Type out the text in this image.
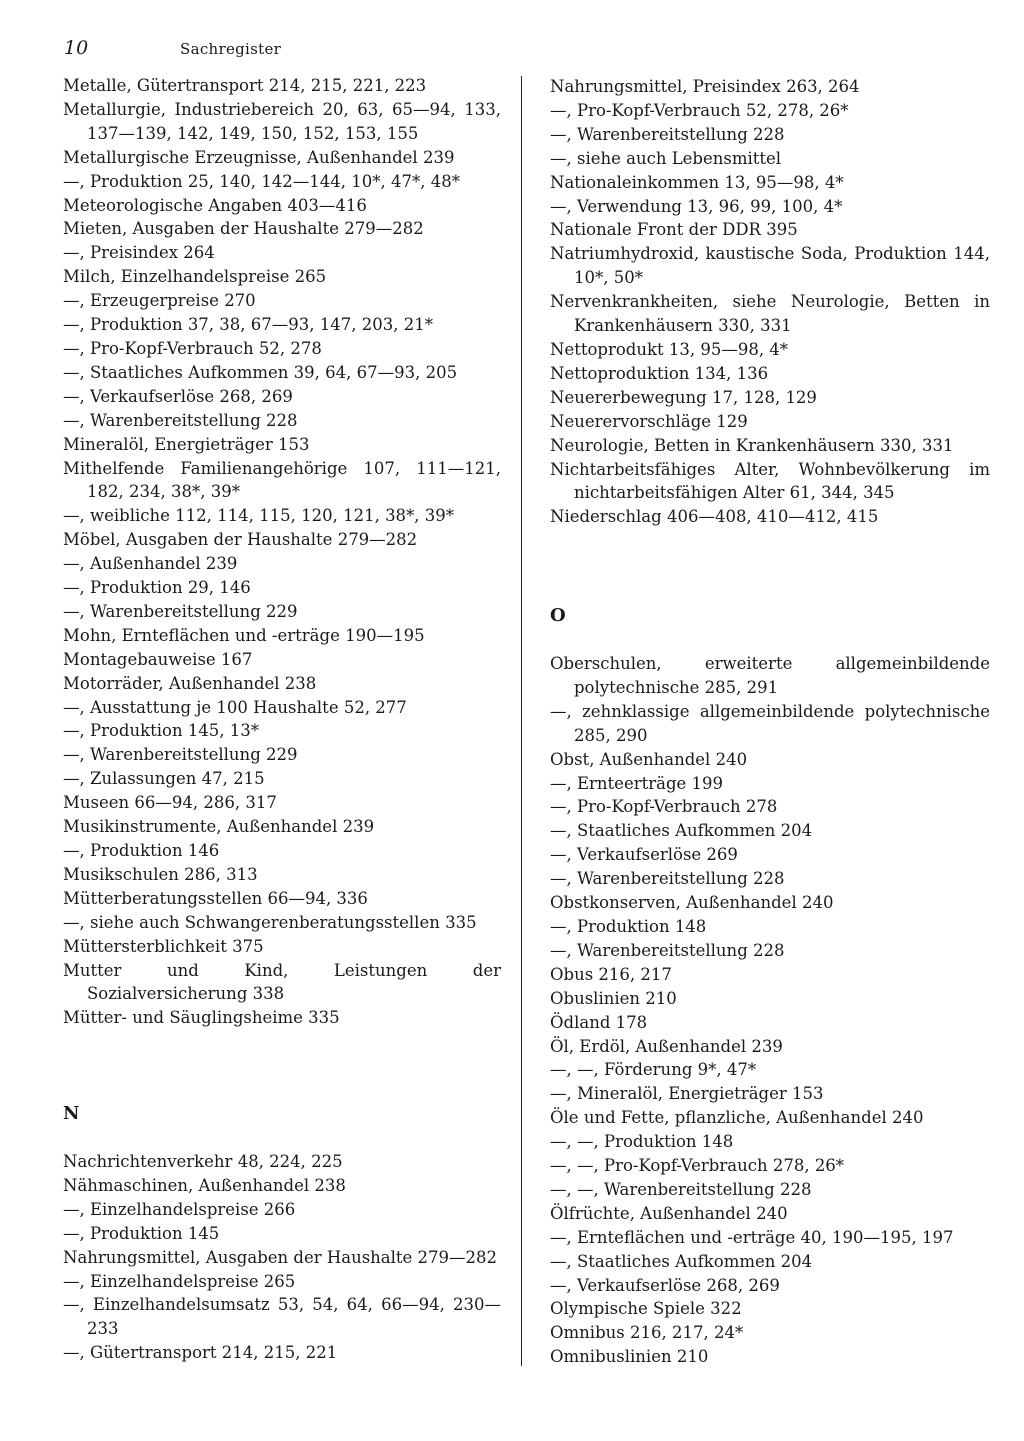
10	Sachregister
Metalle, Gütertransport 214, 215, 221, 223
Metallurgie, Industriebereich 20, 63, 65—94, 133, 137—139, 142, 149, 150, 152, 153, 155
Metallurgische Erzeugnisse, Außenhandel 239
—, Produktion 25, 140, 142—144, 10*, 47*, 48*
Meteorologische Angaben 403—416
Mieten, Ausgaben der Haushalte 279—282
—, Preisindex 264
Milch, Einzelhandelspreise 265
—, Erzeugerpreise 270
—, Produktion 37, 38, 67—93, 147, 203, 21*
—, Pro-Kopf-Verbrauch 52, 278
—, Staatliches Aufkommen 39, 64, 67—93, 205
—, Verkaufserlöse 268, 269
—, Warenbereitstellung 228
Mineralöl, Energieträger 153
Mithelfende Familienangehörige 107, 111—121, 182, 234, 38*, 39*
—, weibliche 112, 114, 115, 120, 121, 38*, 39*
Möbel, Ausgaben der Haushalte 279—282
—, Außenhandel 239
—, Produktion 29, 146
—, Warenbereitstellung 229
Mohn, Ernteflächen und -erträge 190—195
Montagebauweise 167
Motorräder, Außenhandel 238
—, Ausstattung je 100 Haushalte 52, 277
—, Produktion 145, 13*
—, Warenbereitstellung 229
—, Zulassungen 47, 215
Museen 66—94, 286, 317
Musikinstrumente, Außenhandel 239
—, Produktion 146
Musikschulen 286, 313
Mütterberatungsstellen 66—94, 336
—, siehe auch Schwangerenberatungsstellen 335
Müttersterblichkeit 375
Mutter und Kind, Leistungen der Sozialversicherung 338
Mütter- und Säuglingsheime 335
N
Nachrichtenverkehr 48, 224, 225
Nähmaschinen, Außenhandel 238
—, Einzelhandelspreise 266
—, Produktion 145
Nahrungsmittel, Ausgaben der Haushalte 279—282
—, Einzelhandelspreise 265
—, Einzelhandelsumsatz 53, 54, 64, 66—94, 230—233
—, Gütertransport 214, 215, 221
Nahrungsmittel, Preisindex 263, 264
—, Pro-Kopf-Verbrauch 52, 278, 26*
—, Warenbereitstellung 228
—, siehe auch Lebensmittel
Nationaleinkommen 13, 95—98, 4*
—, Verwendung 13, 96, 99, 100, 4*
Nationale Front der DDR 395
Natriumhydroxid, kaustische Soda, Produktion 144, 10*, 50*
Nervenkrankheiten, siehe Neurologie, Betten in Krankenhäusern 330, 331
Nettoprodukt 13, 95—98, 4*
Nettoproduktion 134, 136
Neuererbewegung 17, 128, 129
Neuerervorschläge 129
Neurologie, Betten in Krankenhäusern 330, 331
Nichtarbeitsfähiges Alter, Wohnbevölkerung im nichtarbeitsfähigen Alter 61, 344, 345
Niederschlag 406—408, 410—412, 415
O
Oberschulen, erweiterte allgemeinbildende polytechnische 285, 291
—, zehnklassige allgemeinbildende polytechnische 285, 290
Obst, Außenhandel 240
—, Ernteerträge 199
—, Pro-Kopf-Verbrauch 278
—, Staatliches Aufkommen 204
—, Verkaufserlöse 269
—, Warenbereitstellung 228
Obstkonserven, Außenhandel 240
—, Produktion 148
—, Warenbereitstellung 228
Obus 216, 217
Obuslinien 210
Ödland 178
Öl, Erdöl, Außenhandel 239
—, —, Förderung 9*, 47*
—, Mineralöl, Energieträger 153
Öle und Fette, pflanzliche, Außenhandel 240
—, —, Produktion 148
—, —, Pro-Kopf-Verbrauch 278, 26*
—, —, Warenbereitstellung 228
Ölfrüchte, Außenhandel 240
—, Ernteflächen und -erträge 40, 190—195, 197
—, Staatliches Aufkommen 204
—, Verkaufserlöse 268, 269
Olympische Spiele 322
Omnibus 216, 217, 24*
Omnibuslinien 210
